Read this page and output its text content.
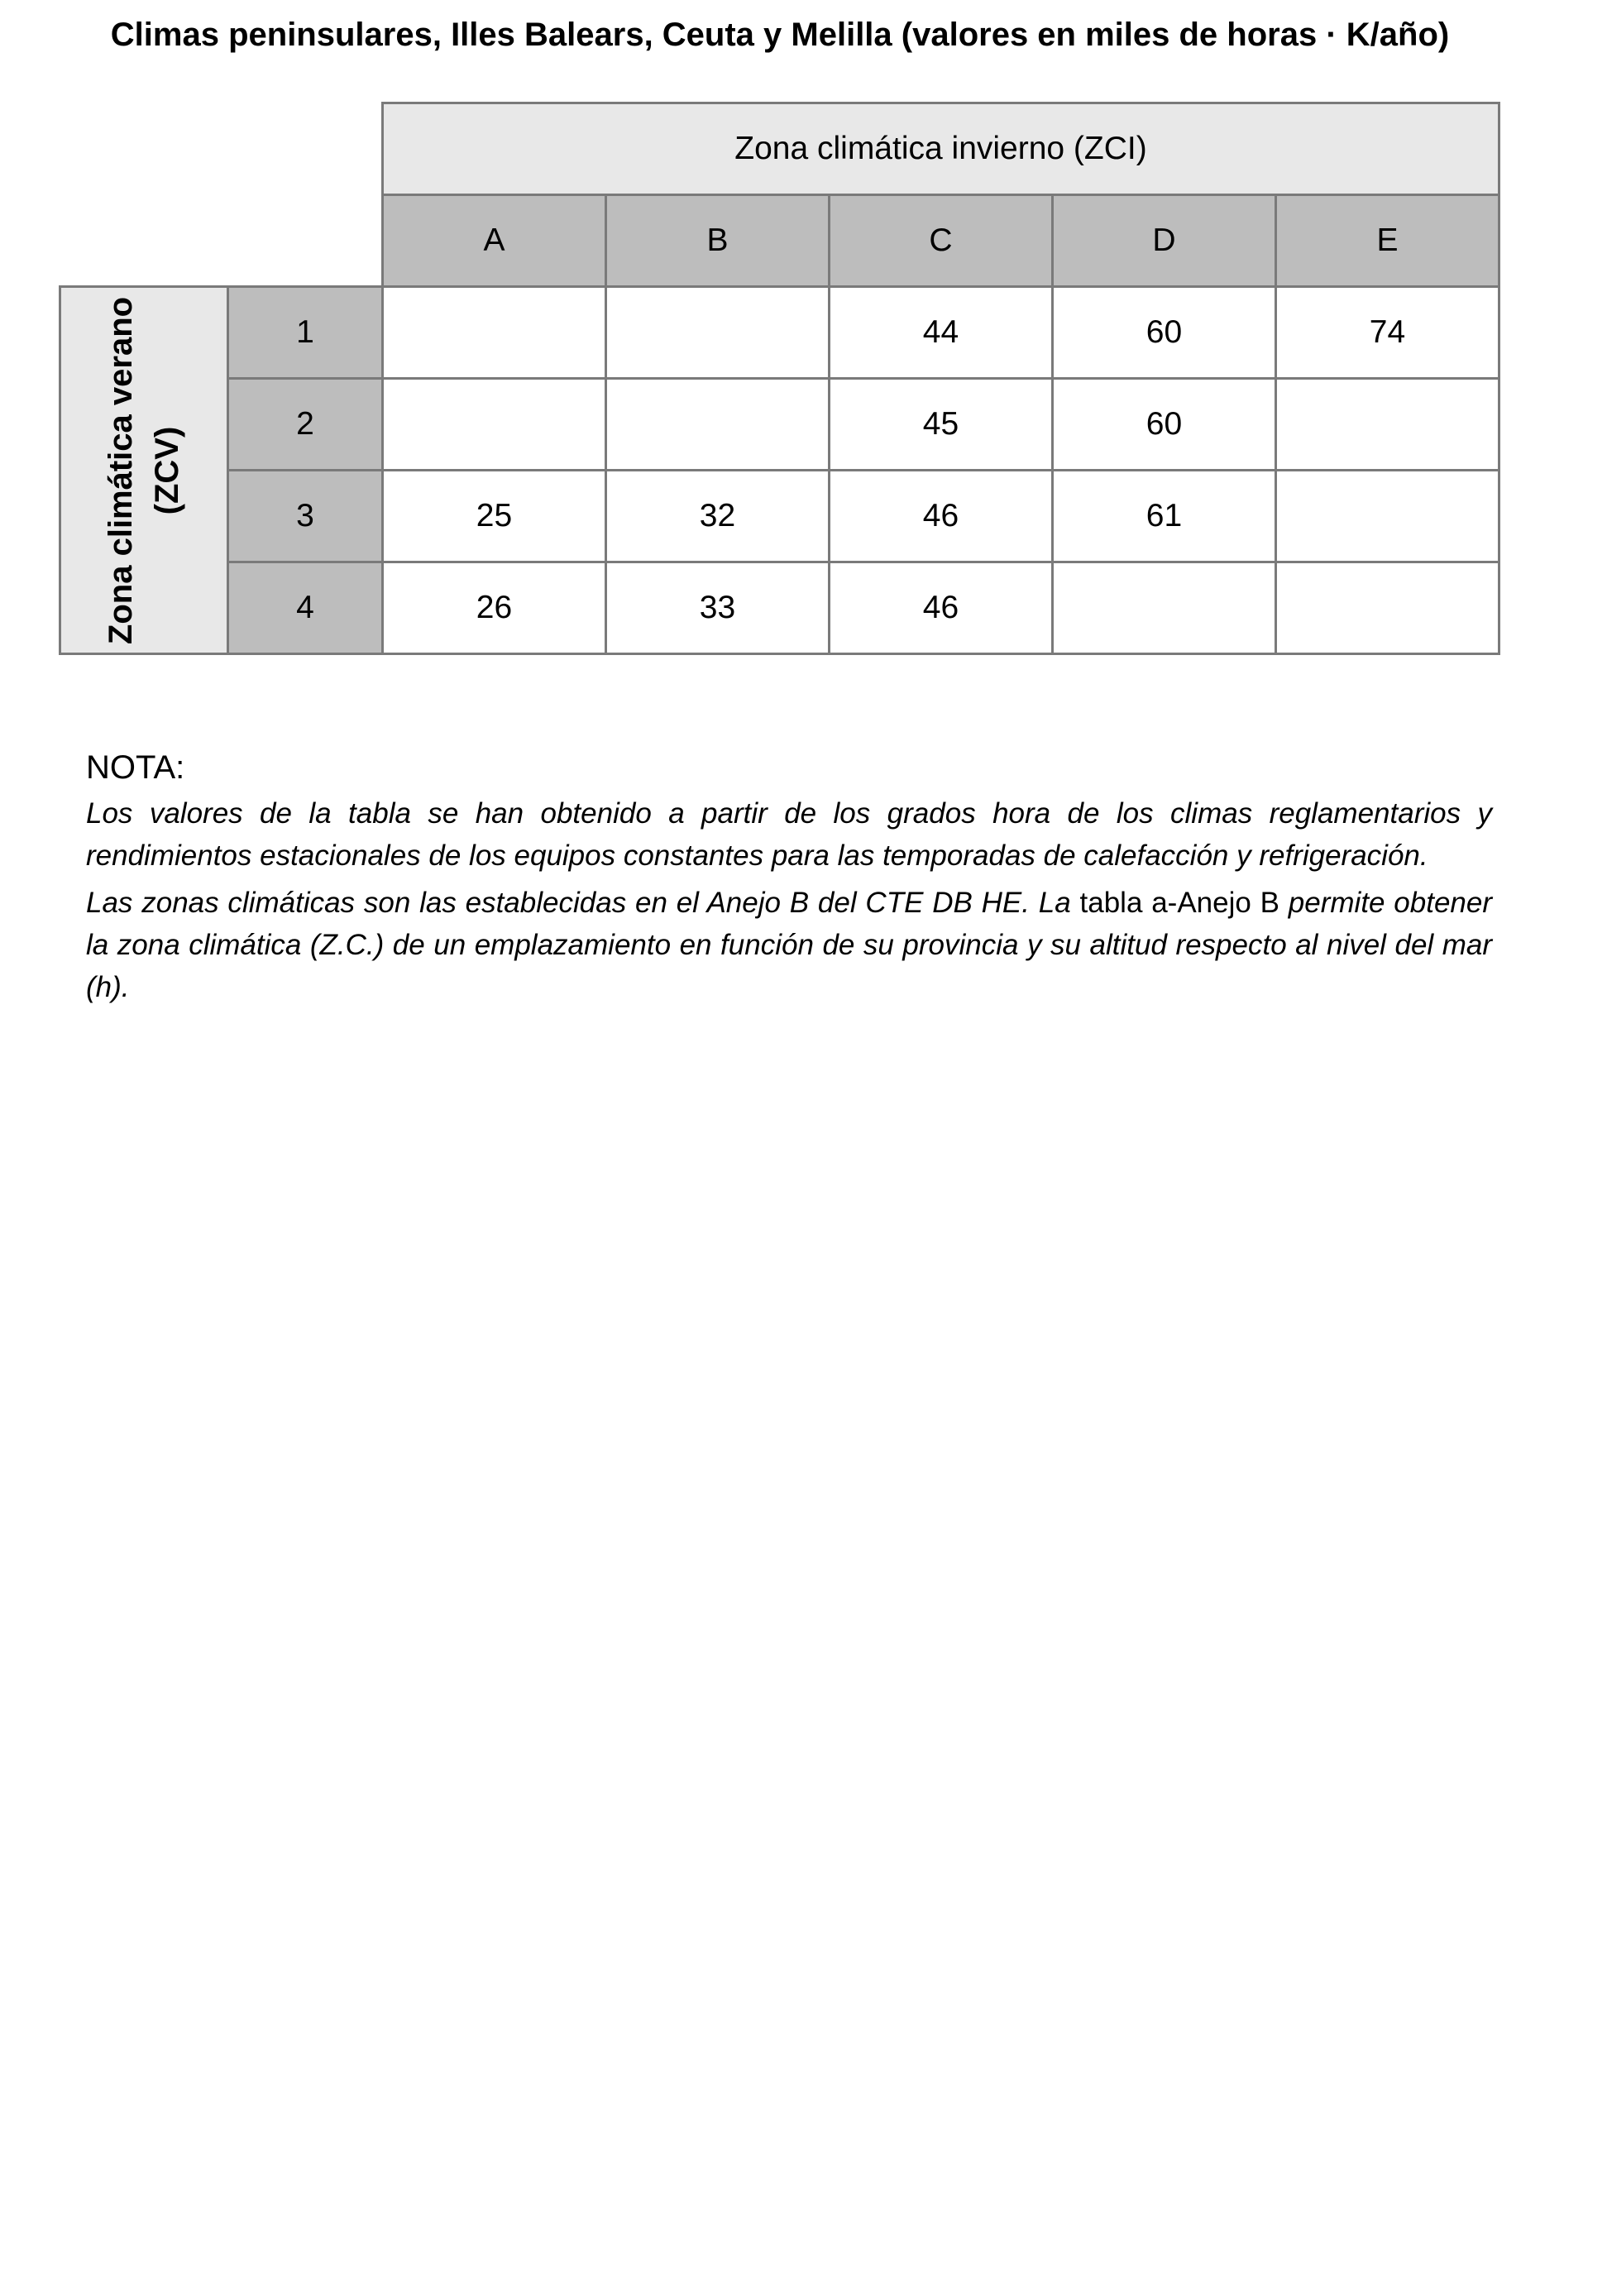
Climas peninsulares, Illes Balears, Ceuta y Melilla (valores en miles de horas · K/año)
		Zona climática invierno (ZCI)				
		A	B	C	D	E

Zona climática verano (ZCV)	1			44	60	74
	2			45	60	
	3	25	32	46	61	
	4	26	33	46		
NOTA:

Los valores de la tabla se han obtenido a partir de los grados hora de los climas reglamentarios y rendimientos estacionales de los equipos constantes para las temporadas de calefacción y refrigeración.

Las zonas climáticas son las establecidas en el Anejo B del CTE DB HE. La tabla a-Anejo B permite obtener la zona climática (Z.C.) de un emplazamiento en función de su provincia y su altitud respecto al nivel del mar (h).
